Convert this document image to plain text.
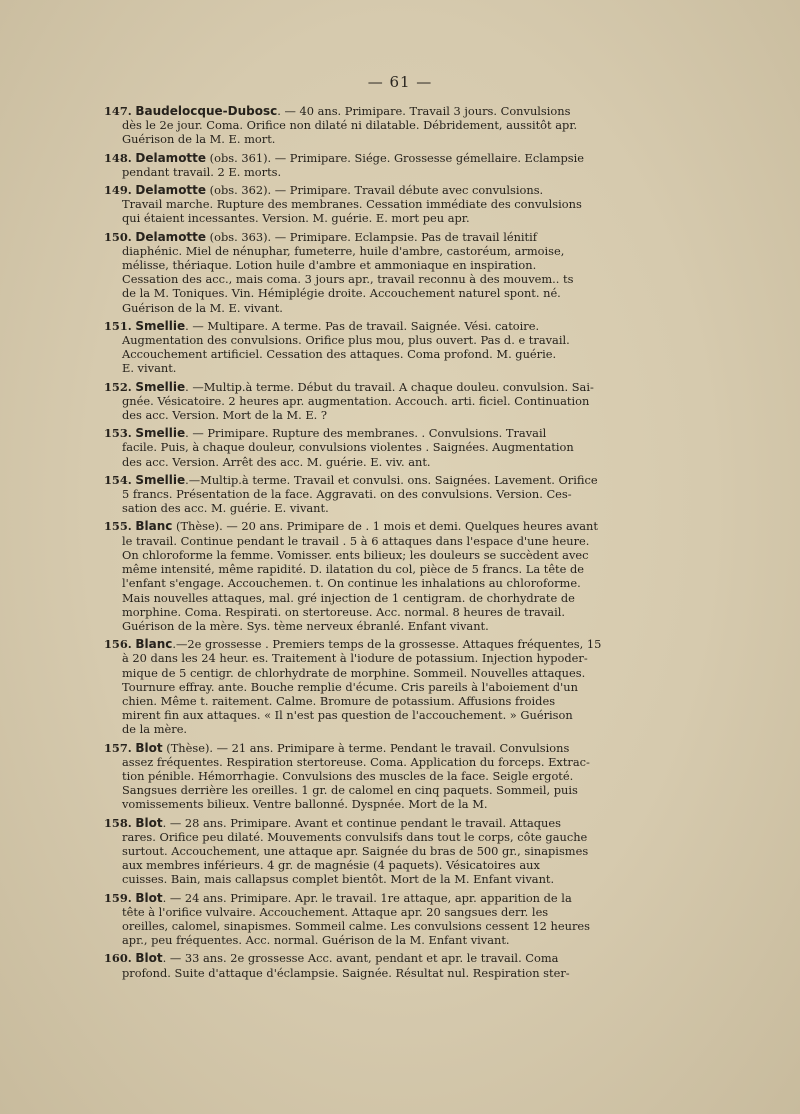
— 61 —
147. Baudelocque-Dubosc. — 40 ans. Primipare. Travail 3 jours. Convulsions
dès le 2e jour. Coma. Orifice non dilaté ni dilatable. Débridement, aussitôt apr.
Guérison de la M. E. mort.
148. Delamotte (obs. 361). — Primipare. Siége. Grossesse gémellaire. Eclampsie
pendant travail. 2 E. morts.
149. Delamotte (obs. 362). — Primipare. Travail débute avec convulsions.
Travail marche. Rupture des membranes. Cessation immédiate des convulsions
qui étaient incessantes. Version. M. guérie. E. mort peu apr.
150. Delamotte (obs. 363). — Primipare. Eclampsie. Pas de travail lénitif
diaphénic. Miel de nénuphar, fumeterre, huile d'ambre, castoréum, armoise,
mélisse, thériaque. Lotion huile d'ambre et ammoniaque en inspiration.
Cessation des acc., mais coma. 3 jours apr., travail reconnu à des mouvem.. ts
de la M. Toniques. Vin. Hémiplégie droite. Accouchement naturel spont. né.
Guérison de la M. E. vivant.
151. Smellie. — Multipare. A terme. Pas de travail. Saignée. Vési. catoire.
Augmentation des convulsions. Orifice plus mou, plus ouvert. Pas d. e travail.
Accouchement artificiel. Cessation des attaques. Coma profond. M. guérie.
E. vivant.
152. Smellie. —Multip.à terme. Début du travail. A chaque douleu. convulsion. Sai-
gnée. Vésicatoire. 2 heures apr. augmentation. Accouch. arti. ficiel. Continuation
des acc. Version. Mort de la M. E. ?
153. Smellie. — Primipare. Rupture des membranes. . Convulsions. Travail
facile. Puis, à chaque douleur, convulsions violentes . Saignées. Augmentation
des acc. Version. Arrêt des acc. M. guérie. E. viv. ant.
154. Smellie.—Multip.à terme. Travail et convulsi. ons. Saignées. Lavement. Orifice
5 francs. Présentation de la face. Aggravati. on des convulsions. Version. Ces-
sation des acc. M. guérie. E. vivant.
155. Blanc (Thèse). — 20 ans. Primipare de . 1 mois et demi. Quelques heures avant
le travail. Continue pendant le travail . 5 à 6 attaques dans l'espace d'une heure.
On chloroforme la femme. Vomisser. ents bilieux; les douleurs se succèdent avec
même intensité, même rapidité. D. ilatation du col, pièce de 5 francs. La tête de
l'enfant s'engage. Accouchemen. t. On continue les inhalations au chloroforme.
Mais nouvelles attaques, mal. gré injection de 1 centigram. de chorhydrate de
morphine. Coma. Respirati. on stertoreuse. Acc. normal. 8 heures de travail.
Guérison de la mère. Sys. tème nerveux ébranlé. Enfant vivant.
156. Blanc.—2e grossesse . Premiers temps de la grossesse. Attaques fréquentes, 15
à 20 dans les 24 heur. es. Traitement à l'iodure de potassium. Injection hypoder-
mique de 5 centigr. de chlorhydrate de morphine. Sommeil. Nouvelles attaques.
Tournure effray. ante. Bouche remplie d'écume. Cris pareils à l'aboiement d'un
chien. Même t. raitement. Calme. Bromure de potassium. Affusions froides
mirent fin aux attaques. « Il n'est pas question de l'accouchement. » Guérison
de la mère.
157. Blot (Thèse). — 21 ans. Primipare à terme. Pendant le travail. Convulsions
assez fréquentes. Respiration stertoreuse. Coma. Application du forceps. Extrac-
tion pénible. Hémorrhagie. Convulsions des muscles de la face. Seigle ergoté.
Sangsues derrière les oreilles. 1 gr. de calomel en cinq paquets. Sommeil, puis
vomissements bilieux. Ventre ballonné. Dyspnée. Mort de la M.
158. Blot. — 28 ans. Primipare. Avant et continue pendant le travail. Attaques
rares. Orifice peu dilaté. Mouvements convulsifs dans tout le corps, côte gauche
surtout. Accouchement, une attaque apr. Saignée du bras de 500 gr., sinapismes
aux membres inférieurs. 4 gr. de magnésie (4 paquets). Vésicatoires aux
cuisses. Bain, mais callapsus complet bientôt. Mort de la M. Enfant vivant.
159. Blot. — 24 ans. Primipare. Apr. le travail. 1re attaque, apr. apparition de la
tête à l'orifice vulvaire. Accouchement. Attaque apr. 20 sangsues derr. les
oreilles, calomel, sinapismes. Sommeil calme. Les convulsions cessent 12 heures
apr., peu fréquentes. Acc. normal. Guérison de la M. Enfant vivant.
160. Blot. — 33 ans. 2e grossesse Acc. avant, pendant et apr. le travail. Coma
profond. Suite d'attaque d'éclampsie. Saignée. Résultat nul. Respiration ster-
